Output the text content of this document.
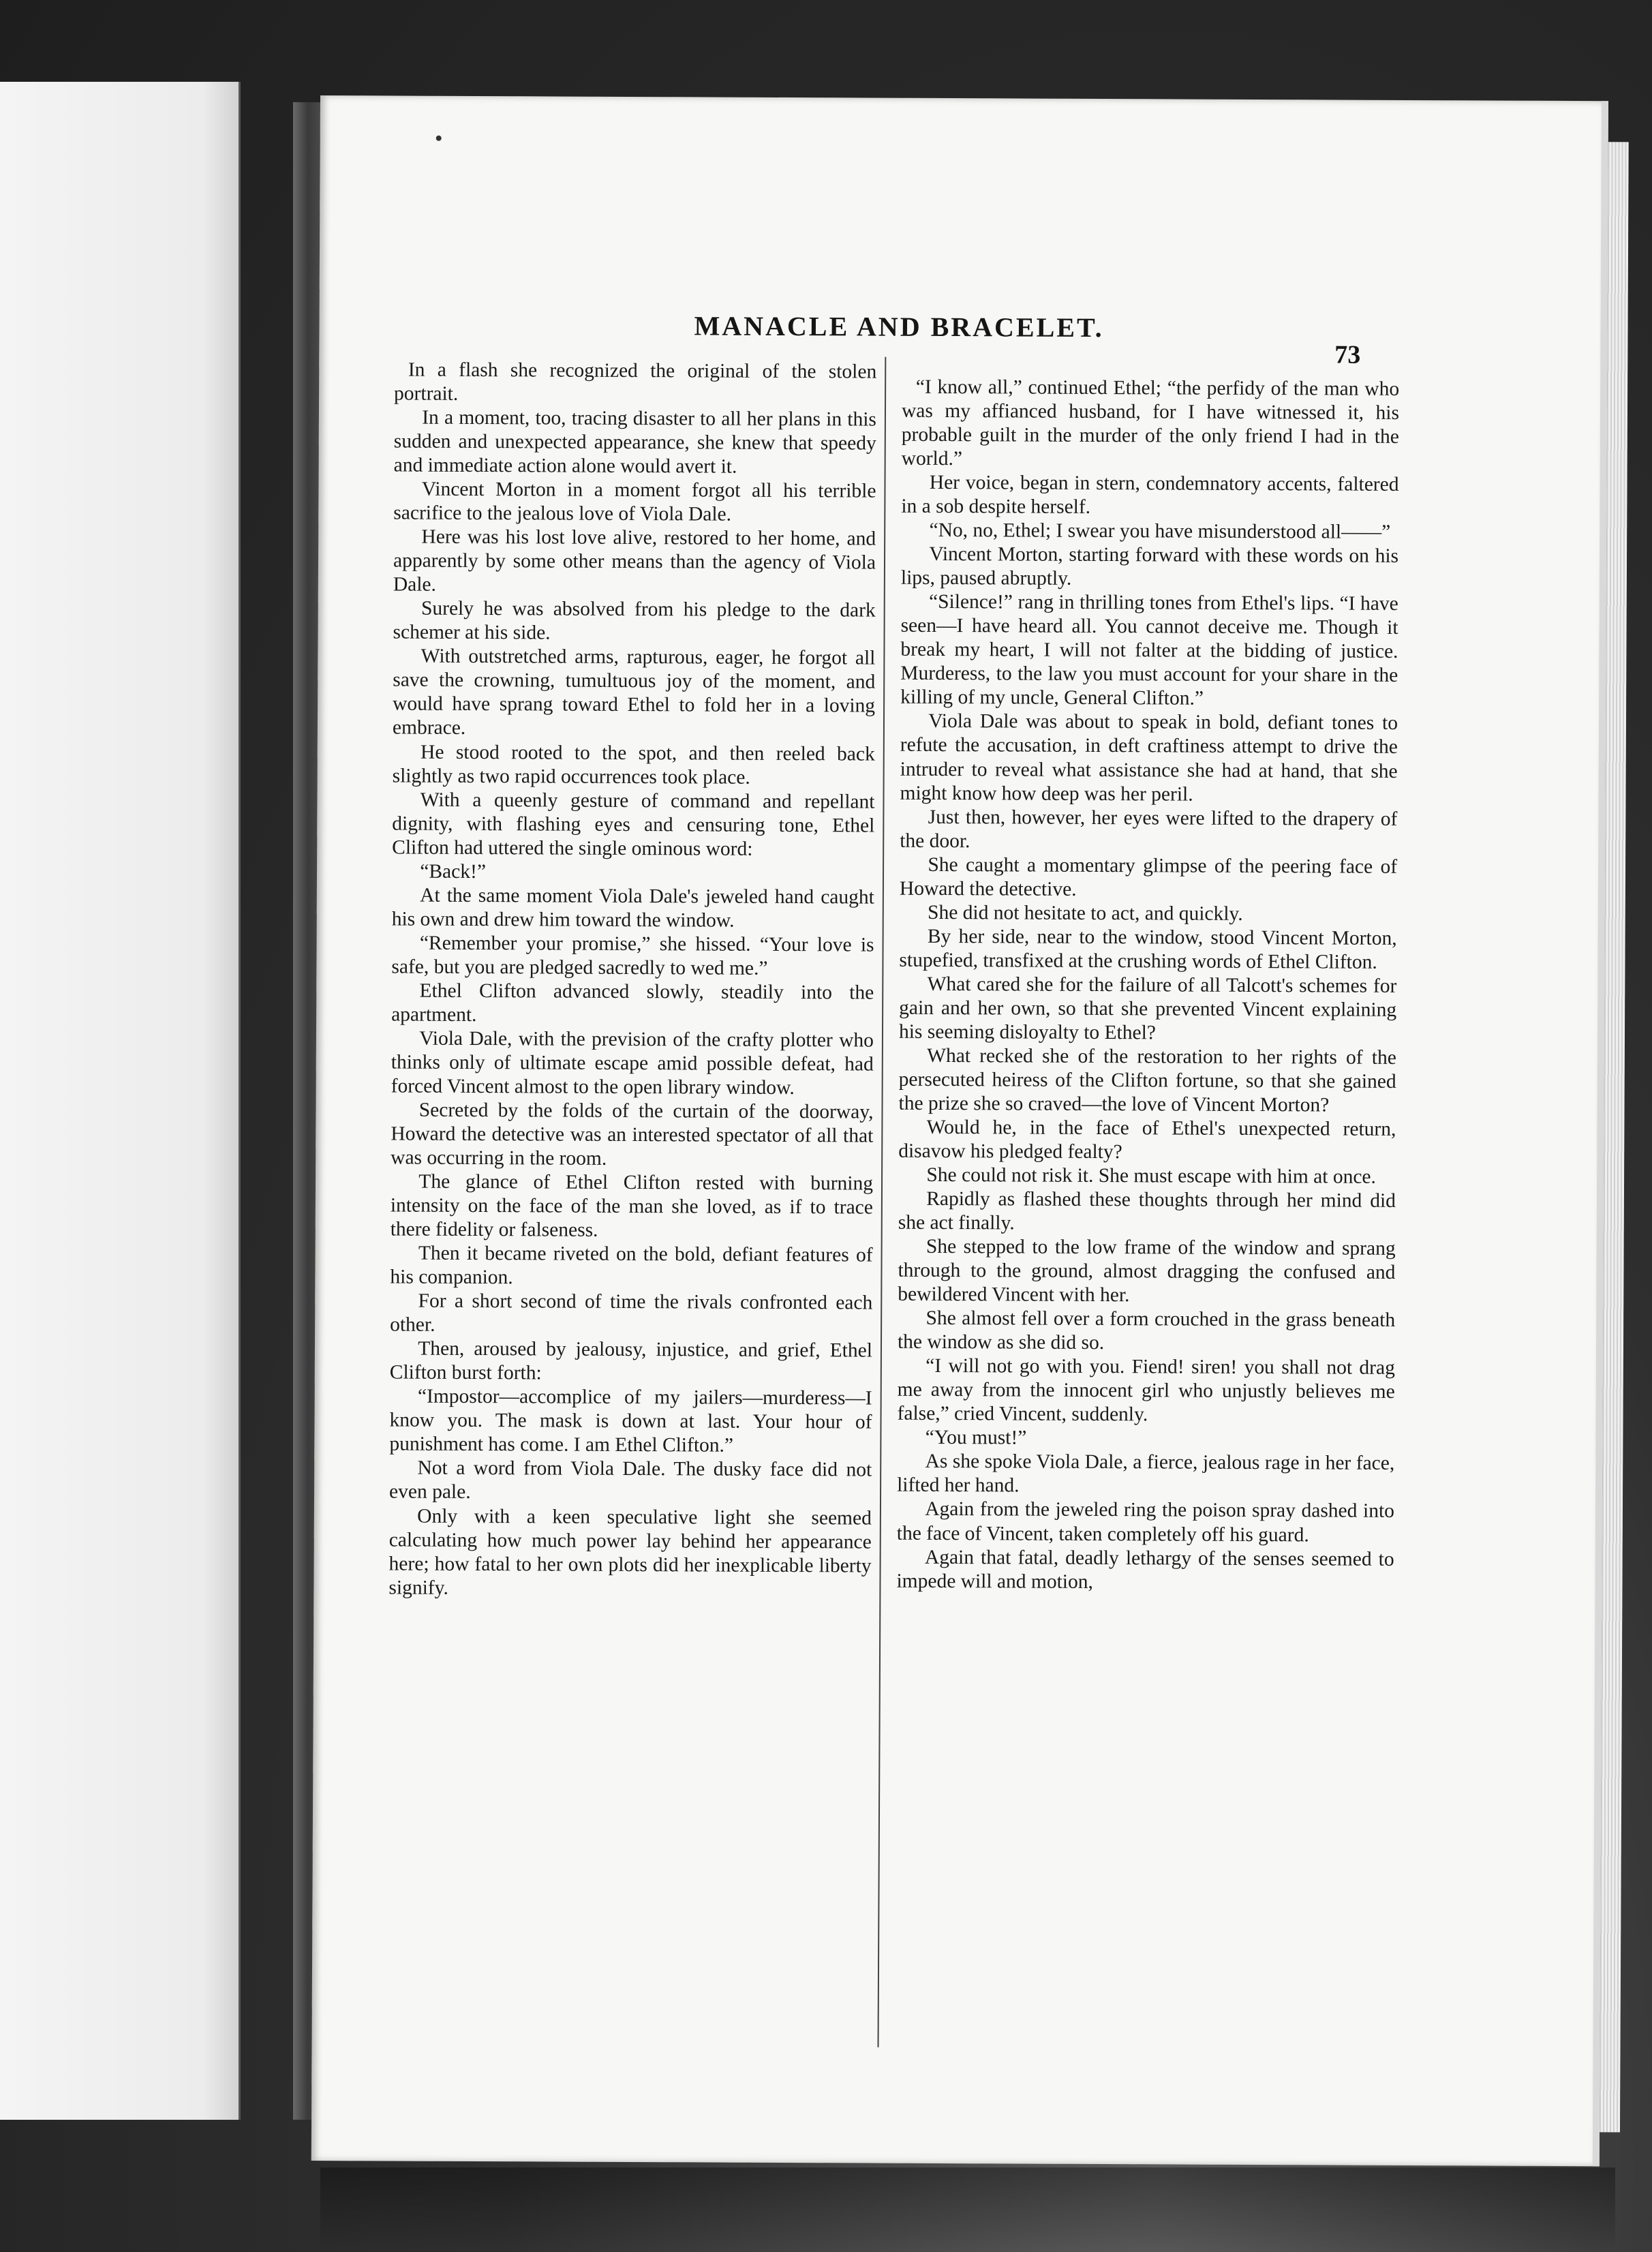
MANACLE AND BRACELET.
73

In a flash she recognized the original of the stolen portrait.

In a moment, too, tracing disaster to all her plans in this sudden and unexpected appearance, she knew that speedy and immediate action alone would avert it.

Vincent Morton in a moment forgot all his terrible sacrifice to the jealous love of Viola Dale.

Here was his lost love alive, restored to her home, and apparently by some other means than the agency of Viola Dale.

Surely he was absolved from his pledge to the dark schemer at his side.

With outstretched arms, rapturous, eager, he forgot all save the crowning, tumultuous joy of the moment, and would have sprang toward Ethel to fold her in a loving embrace.

He stood rooted to the spot, and then reeled back slightly as two rapid occurrences took place.

With a queenly gesture of command and repellant dignity, with flashing eyes and censuring tone, Ethel Clifton had uttered the single ominous word:

“Back!”

At the same moment Viola Dale's jeweled hand caught his own and drew him toward the window.

“Remember your promise,” she hissed. “Your love is safe, but you are pledged sacredly to wed me.”

Ethel Clifton advanced slowly, steadily into the apartment.

Viola Dale, with the prevision of the crafty plotter who thinks only of ultimate escape amid possible defeat, had forced Vincent almost to the open library window.

Secreted by the folds of the curtain of the doorway, Howard the detective was an interested spectator of all that was occurring in the room.

The glance of Ethel Clifton rested with burning intensity on the face of the man she loved, as if to trace there fidelity or falseness.

Then it became riveted on the bold, defiant features of his companion.

For a short second of time the rivals confronted each other.

Then, aroused by jealousy, injustice, and grief, Ethel Clifton burst forth:

“Impostor—accomplice of my jailers—murderess—I know you. The mask is down at last. Your hour of punishment has come. I am Ethel Clifton.”

Not a word from Viola Dale. The dusky face did not even pale.

Only with a keen speculative light she seemed calculating how much power lay behind her appearance here; how fatal to her own plots did her inexplicable liberty signify.

“I know all,” continued Ethel; “the perfidy of the man who was my affianced husband, for I have witnessed it, his probable guilt in the murder of the only friend I had in the world.”

Her voice, began in stern, condemnatory accents, faltered in a sob despite herself.

“No, no, Ethel; I swear you have misunderstood all——”

Vincent Morton, starting forward with these words on his lips, paused abruptly.

“Silence!” rang in thrilling tones from Ethel's lips. “I have seen—I have heard all. You cannot deceive me. Though it break my heart, I will not falter at the bidding of justice. Murderess, to the law you must account for your share in the killing of my uncle, General Clifton.”

Viola Dale was about to speak in bold, defiant tones to refute the accusation, in deft craftiness attempt to drive the intruder to reveal what assistance she had at hand, that she might know how deep was her peril.

Just then, however, her eyes were lifted to the drapery of the door.

She caught a momentary glimpse of the peering face of Howard the detective.

She did not hesitate to act, and quickly.

By her side, near to the window, stood Vincent Morton, stupefied, transfixed at the crushing words of Ethel Clifton.

What cared she for the failure of all Talcott's schemes for gain and her own, so that she prevented Vincent explaining his seeming disloyalty to Ethel?

What recked she of the restoration to her rights of the persecuted heiress of the Clifton fortune, so that she gained the prize she so craved—the love of Vincent Morton?

Would he, in the face of Ethel's unexpected return, disavow his pledged fealty?

She could not risk it. She must escape with him at once.

Rapidly as flashed these thoughts through her mind did she act finally.

She stepped to the low frame of the window and sprang through to the ground, almost dragging the confused and bewildered Vincent with her.

She almost fell over a form crouched in the grass beneath the window as she did so.

“I will not go with you. Fiend! siren! you shall not drag me away from the innocent girl who unjustly believes me false,” cried Vincent, suddenly.

“You must!”

As she spoke Viola Dale, a fierce, jealous rage in her face, lifted her hand.

Again from the jeweled ring the poison spray dashed into the face of Vincent, taken completely off his guard.

Again that fatal, deadly lethargy of the senses seemed to impede will and motion,
